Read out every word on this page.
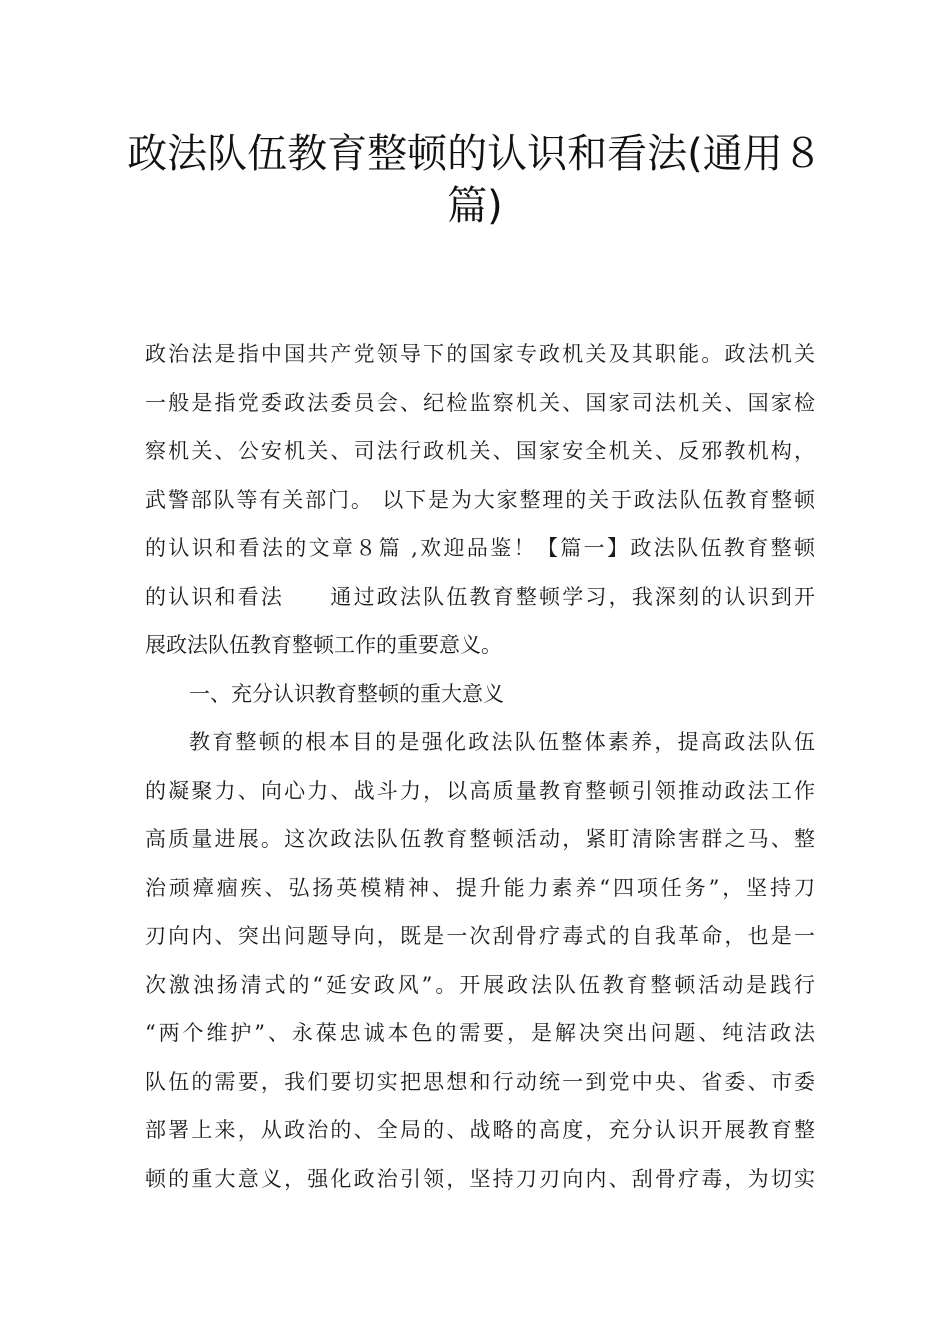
政法队伍教育整顿的认识和看法(通用８
篇)
政治法是指中国共产党领导下的国家专政机关及其职能。政法机关
一般是指党委政法委员会、纪检监察机关、国家司法机关、国家检
察机关、公安机关、司法行政机关、国家安全机关、反邪教机构，
武警部队等有关部门。 以下是为大家整理的关于政法队伍教育整顿
的认识和看法的文章８篇 ,欢迎品鉴！【篇一】政法队伍教育整顿
的认识和看法　　通过政法队伍教育整顿学习，我深刻的认识到开
展政法队伍教育整顿工作的重要意义。
一、充分认识教育整顿的重大意义
教育整顿的根本目的是强化政法队伍整体素养，提高政法队伍
的凝聚力、向心力、战斗力，以高质量教育整顿引领推动政法工作
高质量进展。这次政法队伍教育整顿活动，紧盯清除害群之马、整
治顽瘴痼疾、弘扬英模精神、提升能力素养“四项任务”，坚持刀
刃向内、突出问题导向，既是一次刮骨疗毒式的自我革命，也是一
次激浊扬清式的“延安政风”。开展政法队伍教育整顿活动是践行
“两个维护”、永葆忠诚本色的需要，是解决突出问题、纯洁政法
队伍的需要，我们要切实把思想和行动统一到党中央、省委、市委
部署上来，从政治的、全局的、战略的高度，充分认识开展教育整
顿的重大意义，强化政治引领，坚持刀刃向内、刮骨疗毒，为切实
